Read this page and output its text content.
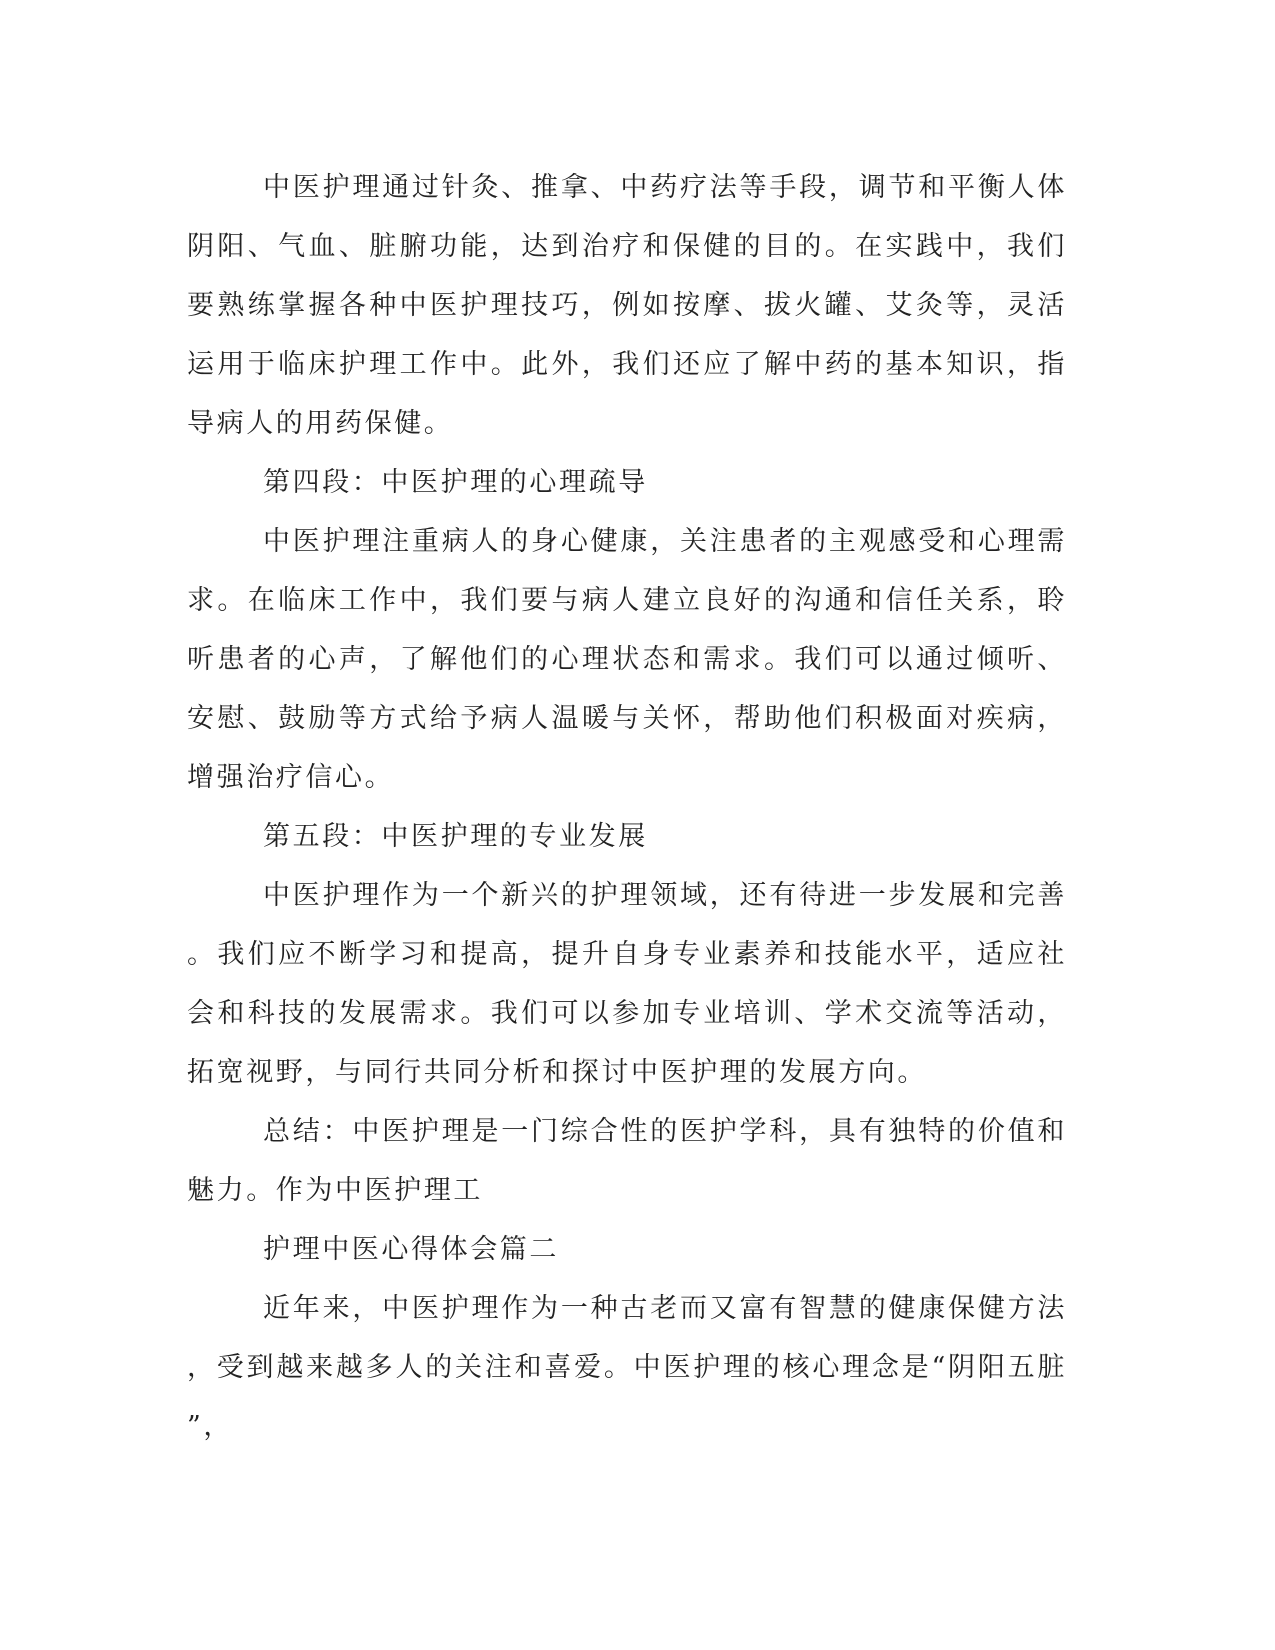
中医护理通过针灸、推拿、中药疗法等手段，调节和平衡人体阴阳、气血、脏腑功能，达到治疗和保健的目的。在实践中，我们要熟练掌握各种中医护理技巧，例如按摩、拔火罐、艾灸等，灵活运用于临床护理工作中。此外，我们还应了解中药的基本知识，指导病人的用药保健。

第四段：中医护理的心理疏导

中医护理注重病人的身心健康，关注患者的主观感受和心理需求。在临床工作中，我们要与病人建立良好的沟通和信任关系，聆听患者的心声，了解他们的心理状态和需求。我们可以通过倾听、安慰、鼓励等方式给予病人温暖与关怀，帮助他们积极面对疾病，增强治疗信心。

第五段：中医护理的专业发展

中医护理作为一个新兴的护理领域，还有待进一步发展和完善。我们应不断学习和提高，提升自身专业素养和技能水平，适应社会和科技的发展需求。我们可以参加专业培训、学术交流等活动，拓宽视野，与同行共同分析和探讨中医护理的发展方向。

总结：中医护理是一门综合性的医护学科，具有独特的价值和魅力。作为中医护理工

护理中医心得体会篇二

近年来，中医护理作为一种古老而又富有智慧的健康保健方法，受到越来越多人的关注和喜爱。中医护理的核心理念是“阴阳五脏”，
